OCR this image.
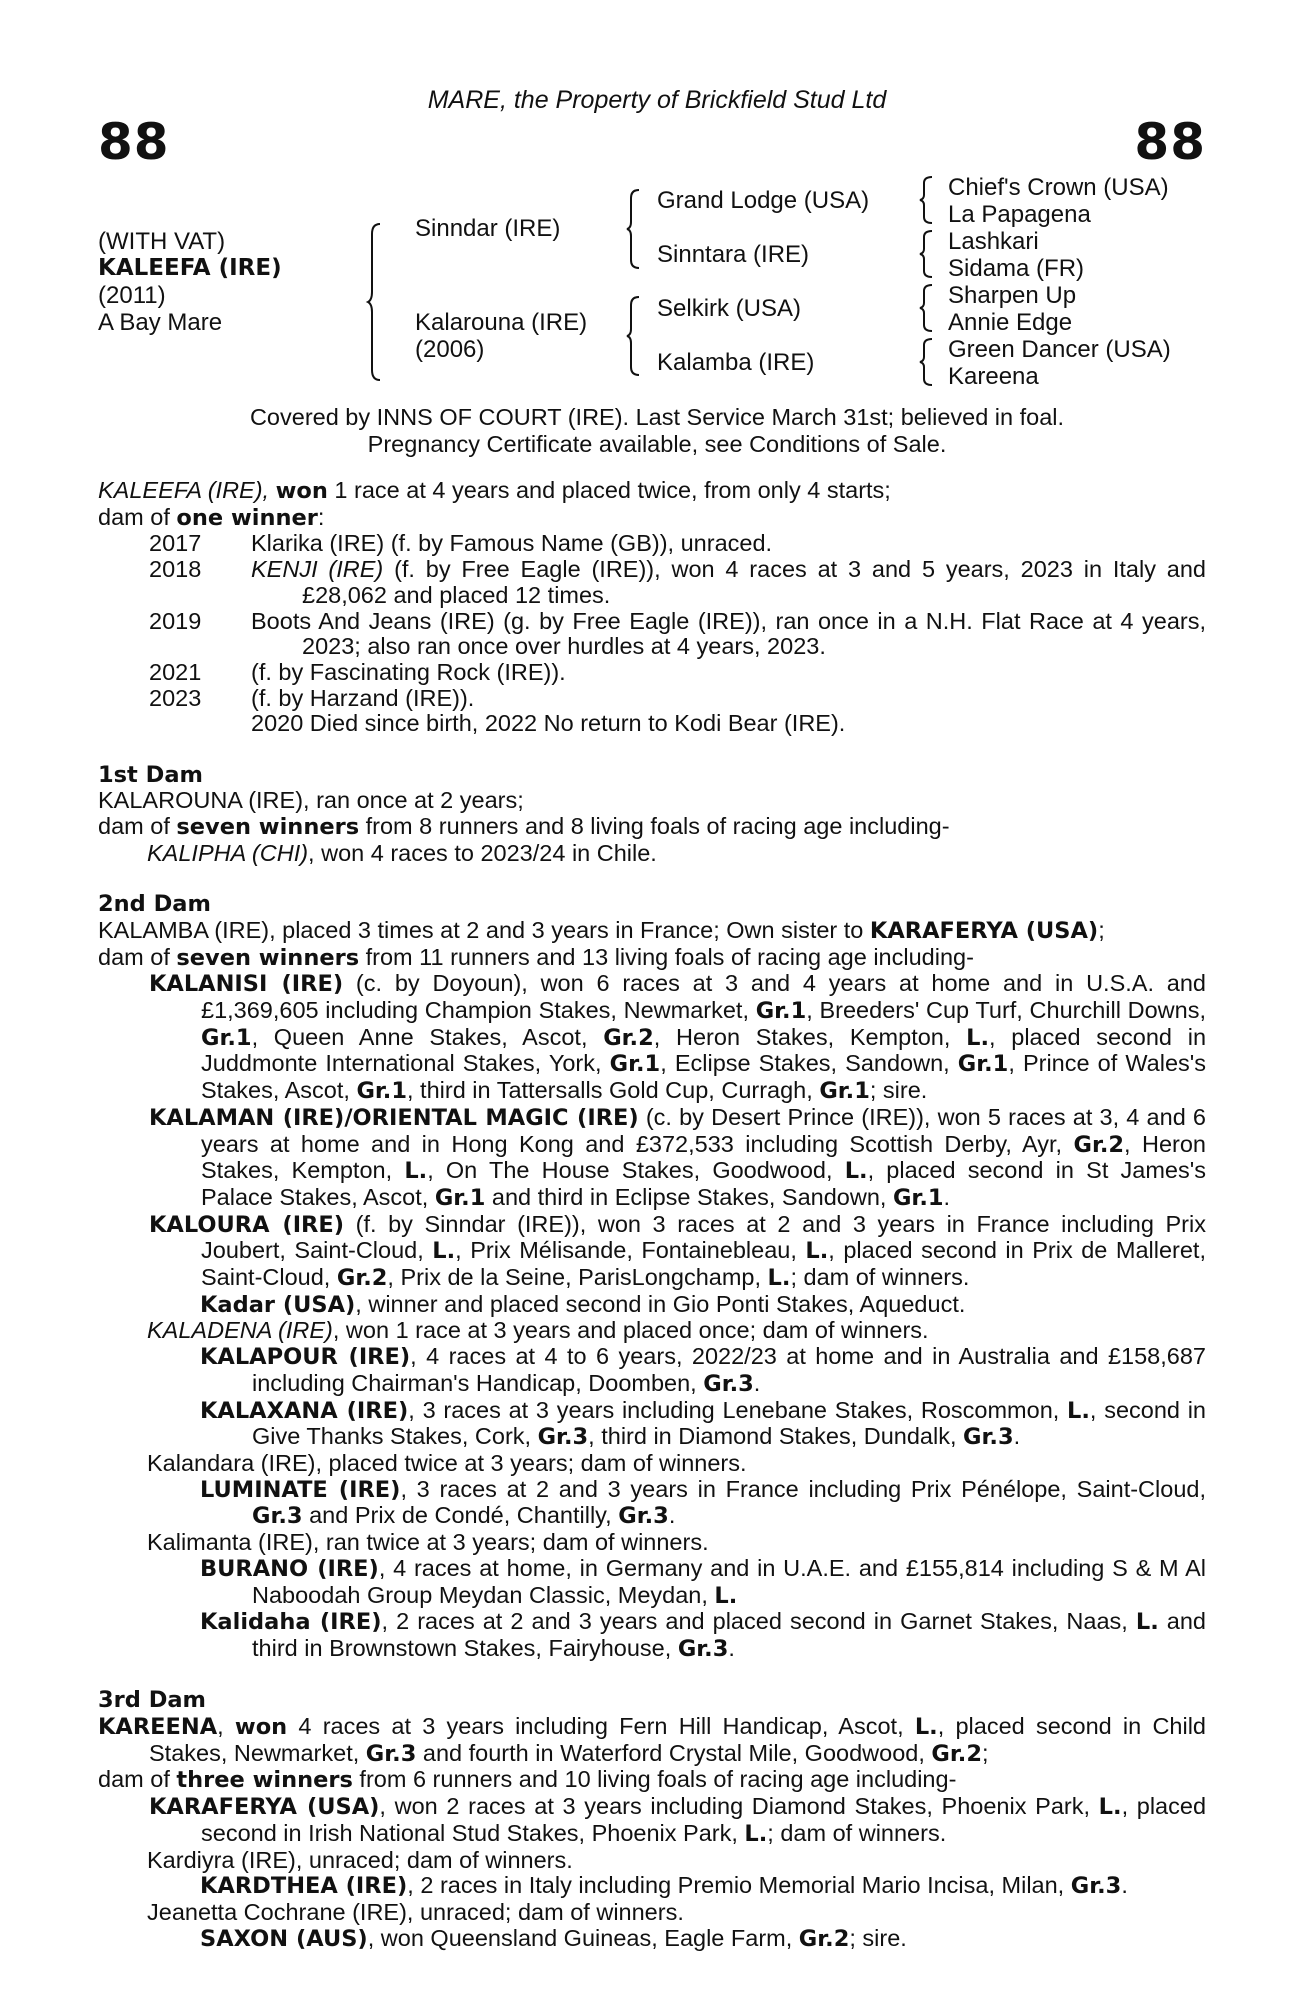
MARE, the Property of Brickfield Stud Ltd
88	88
(WITH VAT)
KALEEFA (IRE)
(2011)
A Bay Mare
Sinndar (IRE)
Kalarouna (IRE)
(2006)
Grand Lodge (USA)
Sinntara (IRE)
Selkirk (USA)
Kalamba (IRE)
Chief's Crown (USA)
La Papagena
Lashkari
Sidama (FR)
Sharpen Up
Annie Edge
Green Dancer (USA)
Kareena
Covered by INNS OF COURT (IRE). Last Service March 31st; believed in foal.
Pregnancy Certificate available, see Conditions of Sale.
KALEEFA (IRE), won 1 race at 4 years and placed twice, from only 4 starts;
dam of one winner:
2017	Klarika (IRE) (f. by Famous Name (GB)), unraced.
2018	KENJI (IRE) (f. by Free Eagle (IRE)), won 4 races at 3 and 5 years, 2023 in Italy and £28,062 and placed 12 times.
2019	Boots And Jeans (IRE) (g. by Free Eagle (IRE)), ran once in a N.H. Flat Race at 4 years, 2023; also ran once over hurdles at 4 years, 2023.
2021	(f. by Fascinating Rock (IRE)).
2023	(f. by Harzand (IRE)).
2020 Died since birth, 2022 No return to Kodi Bear (IRE).
1st Dam
KALAROUNA (IRE), ran once at 2 years;
dam of seven winners from 8 runners and 8 living foals of racing age including-
KALIPHA (CHI), won 4 races to 2023/24 in Chile.
2nd Dam
KALAMBA (IRE), placed 3 times at 2 and 3 years in France; Own sister to KARAFERYA (USA);
dam of seven winners from 11 runners and 13 living foals of racing age including-
KALANISI (IRE) (c. by Doyoun), won 6 races at 3 and 4 years at home and in U.S.A. and £1,369,605 including Champion Stakes, Newmarket, Gr.1, Breeders' Cup Turf, Churchill Downs, Gr.1, Queen Anne Stakes, Ascot, Gr.2, Heron Stakes, Kempton, L., placed second in Juddmonte International Stakes, York, Gr.1, Eclipse Stakes, Sandown, Gr.1, Prince of Wales's Stakes, Ascot, Gr.1, third in Tattersalls Gold Cup, Curragh, Gr.1; sire.
KALAMAN (IRE)/ORIENTAL MAGIC (IRE) (c. by Desert Prince (IRE)), won 5 races at 3, 4 and 6 years at home and in Hong Kong and £372,533 including Scottish Derby, Ayr, Gr.2, Heron Stakes, Kempton, L., On The House Stakes, Goodwood, L., placed second in St James's Palace Stakes, Ascot, Gr.1 and third in Eclipse Stakes, Sandown, Gr.1.
KALOURA (IRE) (f. by Sinndar (IRE)), won 3 races at 2 and 3 years in France including Prix Joubert, Saint-Cloud, L., Prix Mélisande, Fontainebleau, L., placed second in Prix de Malleret, Saint-Cloud, Gr.2, Prix de la Seine, ParisLongchamp, L.; dam of winners.
Kadar (USA), winner and placed second in Gio Ponti Stakes, Aqueduct.
KALADENA (IRE), won 1 race at 3 years and placed once; dam of winners.
KALAPOUR (IRE), 4 races at 4 to 6 years, 2022/23 at home and in Australia and £158,687 including Chairman's Handicap, Doomben, Gr.3.
KALAXANA (IRE), 3 races at 3 years including Lenebane Stakes, Roscommon, L., second in Give Thanks Stakes, Cork, Gr.3, third in Diamond Stakes, Dundalk, Gr.3.
Kalandara (IRE), placed twice at 3 years; dam of winners.
LUMINATE (IRE), 3 races at 2 and 3 years in France including Prix Pénélope, Saint-Cloud, Gr.3 and Prix de Condé, Chantilly, Gr.3.
Kalimanta (IRE), ran twice at 3 years; dam of winners.
BURANO (IRE), 4 races at home, in Germany and in U.A.E. and £155,814 including S & M Al Naboodah Group Meydan Classic, Meydan, L.
Kalidaha (IRE), 2 races at 2 and 3 years and placed second in Garnet Stakes, Naas, L. and third in Brownstown Stakes, Fairyhouse, Gr.3.
3rd Dam
KAREENA, won 4 races at 3 years including Fern Hill Handicap, Ascot, L., placed second in Child Stakes, Newmarket, Gr.3 and fourth in Waterford Crystal Mile, Goodwood, Gr.2;
dam of three winners from 6 runners and 10 living foals of racing age including-
KARAFERYA (USA), won 2 races at 3 years including Diamond Stakes, Phoenix Park, L., placed second in Irish National Stud Stakes, Phoenix Park, L.; dam of winners.
Kardiyra (IRE), unraced; dam of winners.
KARDTHEA (IRE), 2 races in Italy including Premio Memorial Mario Incisa, Milan, Gr.3.
Jeanetta Cochrane (IRE), unraced; dam of winners.
SAXON (AUS), won Queensland Guineas, Eagle Farm, Gr.2; sire.
